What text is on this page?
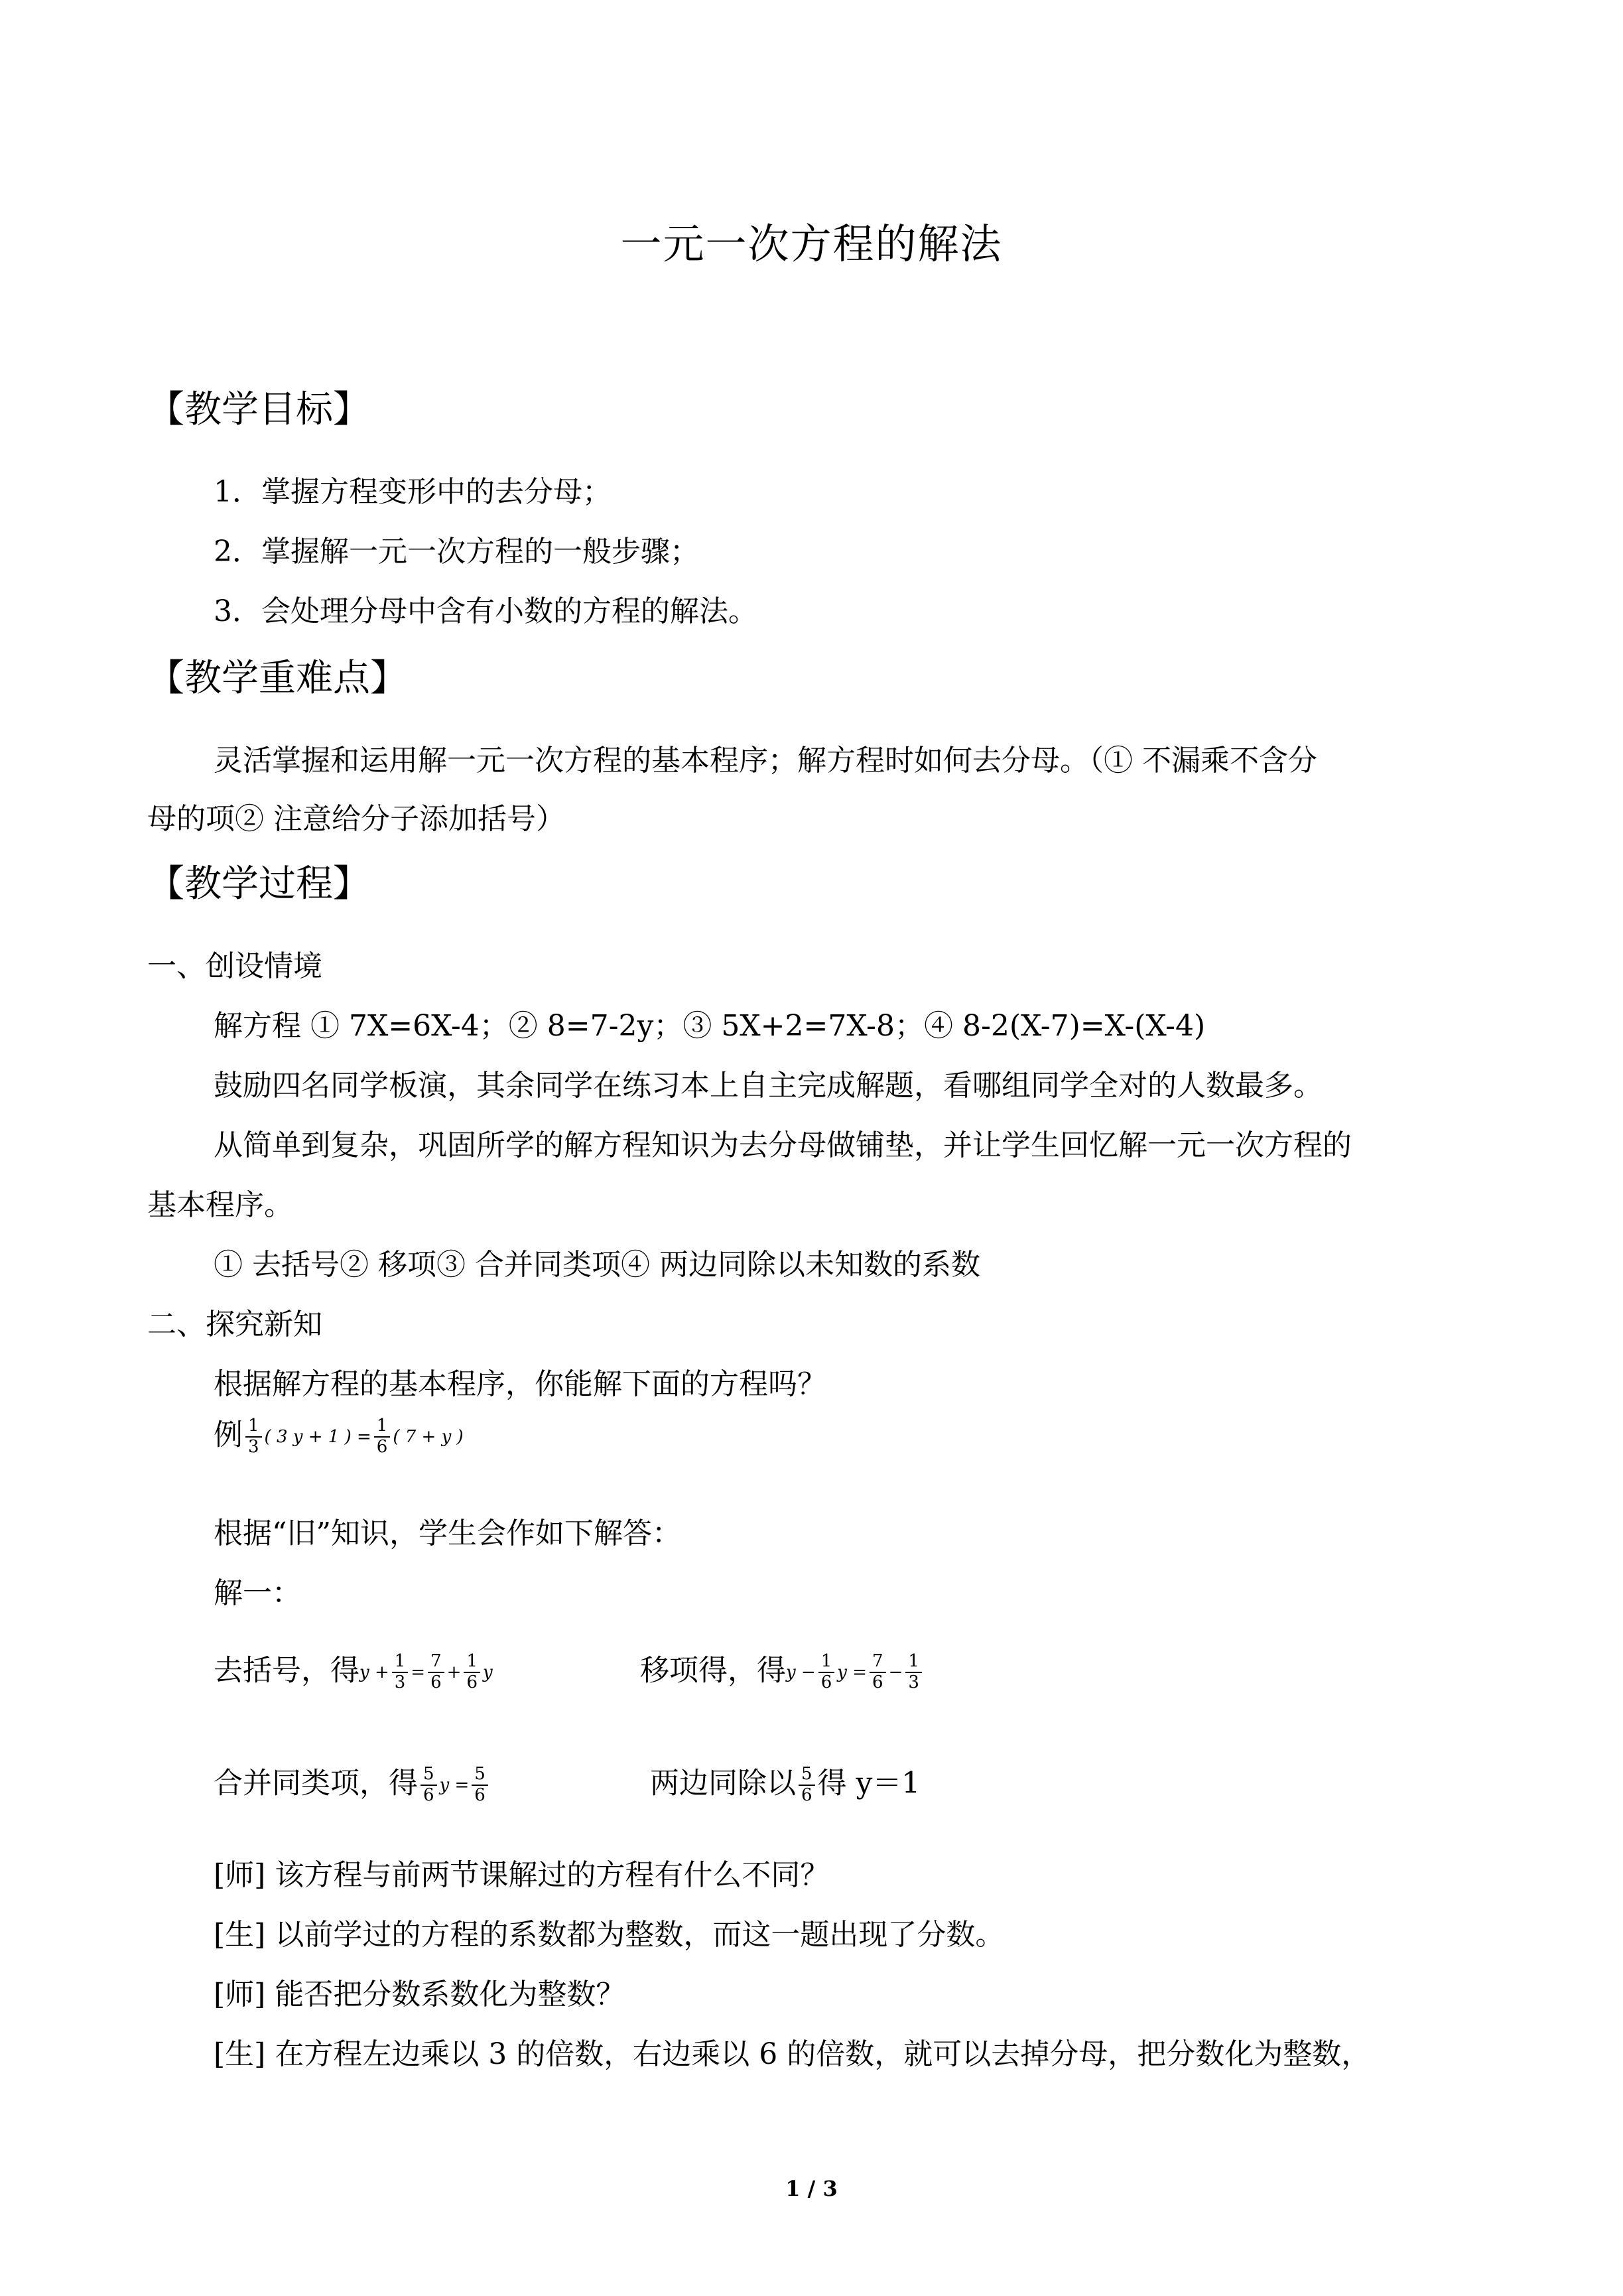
一元一次方程的解法
【教学目标】
1．掌握方程变形中的去分母；
2．掌握解一元一次方程的一般步骤；
3．会处理分母中含有小数的方程的解法。
【教学重难点】
灵活掌握和运用解一元一次方程的基本程序；解方程时如何去分母。（① 不漏乘不含分
母的项② 注意给分子添加括号）
【教学过程】
一、创设情境
解方程 ① 7X=6X-4；② 8=7-2y；③ 5X+2=7X-8；④ 8-2(X-7)=X-(X-4)
鼓励四名同学板演，其余同学在练习本上自主完成解题，看哪组同学全对的人数最多。
从简单到复杂，巩固所学的解方程知识为去分母做铺垫，并让学生回忆解一元一次方程的
基本程序。
① 去括号② 移项③ 合并同类项④ 两边同除以未知数的系数
二、探究新知
根据解方程的基本程序，你能解下面的方程吗？
例 $\frac{1}{3}$ ( 3 y + 1 ) = $\frac{1}{6}$ ( 7 + y )
根据“旧”知识，学生会作如下解答：
解一：
去括号，得$y + \frac{1}{3} = \frac{7}{6} + \frac{1}{6}$ y	移项得，得$y - \frac{1}{6}$ $y = \frac{7}{6} - \frac{1}{3}$
合并同类项，得 $\frac{5}{6}$ $y = \frac{5}{6}$	两边同除以 $\frac{5}{6}$ 得 y＝1
[师] 该方程与前两节课解过的方程有什么不同？
[生] 以前学过的方程的系数都为整数，而这一题出现了分数。
[师] 能否把分数系数化为整数？
[生] 在方程左边乘以 3 的倍数，右边乘以 6 的倍数，就可以去掉分母，把分数化为整数，
1 / 3
